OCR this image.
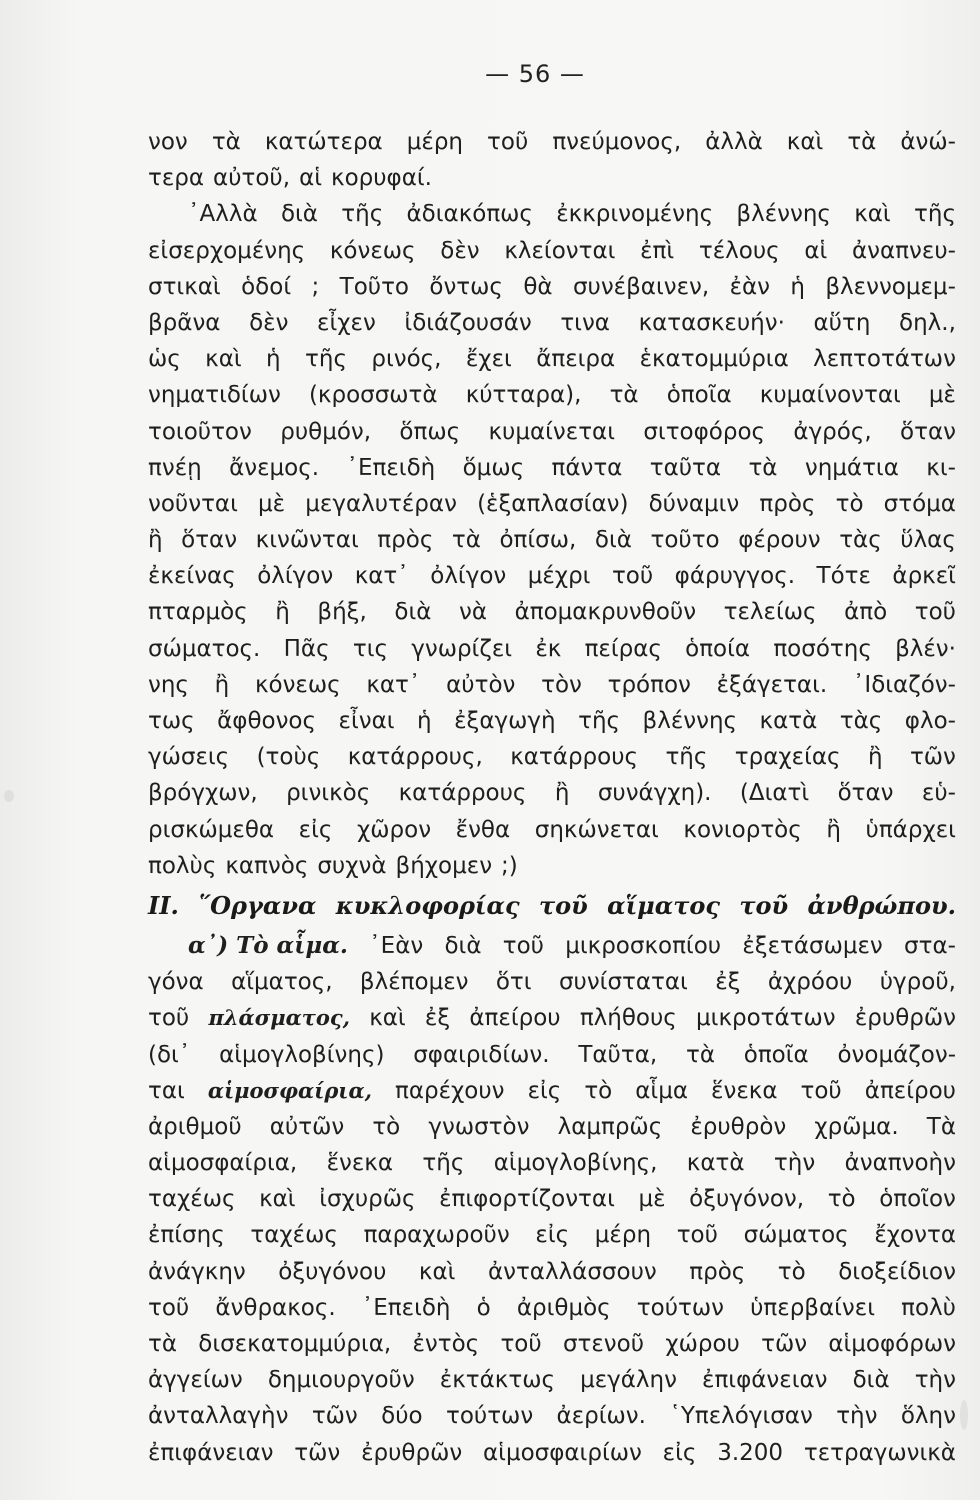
— 56 —
νον τὰ κατώτερα μέρη τοῦ πνεύμονος, ἀλλὰ καὶ τὰ ἀνώ-
τερα αὐτοῦ, αἱ κορυφαί.
᾿Αλλὰ διὰ τῆς ἀδιακόπως ἐκκρινομένης βλέννης καὶ τῆς
εἰσερχομένης κόνεως δὲν κλείονται ἐπὶ τέλους αἱ ἀναπνευ-
στικαὶ ὁδοί ; Τοῦτο ὄντως θὰ συνέβαινεν, ἐὰν ἡ βλεννομεμ-
βρᾶνα δὲν εἶχεν ἰδιάζουσάν τινα κατασκευήν· αὕτη δηλ.,
ὡς καὶ ἡ τῆς ρινός, ἔχει ἄπειρα ἑκατομμύρια λεπτοτάτων
νηματιδίων (κροσσωτὰ κύτταρα), τὰ ὁποῖα κυμαίνονται μὲ
τοιοῦτον ρυθμόν, ὅπως κυμαίνεται σιτοφόρος ἀγρός, ὅταν
πνέῃ ἄνεμος. ᾿Επειδὴ ὅμως πάντα ταῦτα τὰ νημάτια κι-
νοῦνται μὲ μεγαλυτέραν (ἑξαπλασίαν) δύναμιν πρὸς τὸ στόμα
ἢ ὅταν κινῶνται πρὸς τὰ ὀπίσω, διὰ τοῦτο φέρουν τὰς ὕλας
ἐκείνας ὀλίγον κατ᾿ ὀλίγον μέχρι τοῦ φάρυγγος. Τότε ἀρκεῖ
πταρμὸς ἢ βήξ, διὰ νὰ ἀπομακρυνθοῦν τελείως ἀπὸ τοῦ
σώματος. Πᾶς τις γνωρίζει ἐκ πείρας ὁποία ποσότης βλέν·
νης ἢ κόνεως κατ᾿ αὐτὸν τὸν τρόπον ἐξάγεται. ᾿Ιδιαζόν-
τως ἄφθονος εἶναι ἡ ἐξαγωγὴ τῆς βλέννης κατὰ τὰς φλο-
γώσεις (τοὺς κατάρρους, κατάρρους τῆς τραχείας ἢ τῶν
βρόγχων, ρινικὸς κατάρρους ἢ συνάγχη). (Διατὶ ὅταν εὑ-
ρισκώμεθα εἰς χῶρον ἔνθα σηκώνεται κονιορτὸς ἢ ὑπάρχει
πολὺς καπνὸς συχνὰ βήχομεν ;)
II. ῞Οργανα κυκλοφορίας τοῦ αἵματος τοῦ ἀνθρώπου.
α᾿) Τὸ αἷμα. ᾿Εὰν διὰ τοῦ μικροσκοπίου ἐξετάσωμεν στα-
γόνα αἵματος, βλέπομεν ὅτι συνίσταται ἐξ ἀχρόου ὑγροῦ,
τοῦ πλάσματος, καὶ ἐξ ἀπείρου πλήθους μικροτάτων ἐρυθρῶν
(δι᾿ αἱμογλοβίνης) σφαιριδίων. Ταῦτα, τὰ ὁποῖα ὀνομάζον-
ται αἱμοσφαίρια, παρέχουν εἰς τὸ αἷμα ἕνεκα τοῦ ἀπείρου
ἀριθμοῦ αὐτῶν τὸ γνωστὸν λαμπρῶς ἐρυθρὸν χρῶμα. Τὰ
αἱμοσφαίρια, ἕνεκα τῆς αἱμογλοβίνης, κατὰ τὴν ἀναπνοὴν
ταχέως καὶ ἰσχυρῶς ἐπιφορτίζονται μὲ ὀξυγόνον, τὸ ὁποῖον
ἐπίσης ταχέως παραχωροῦν εἰς μέρη τοῦ σώματος ἔχοντα
ἀνάγκην ὀξυγόνου καὶ ἀνταλλάσσουν πρὸς τὸ διοξείδιον
τοῦ ἄνθρακος. ᾿Επειδὴ ὁ ἀριθμὸς τούτων ὑπερβαίνει πολὺ
τὰ δισεκατομμύρια, ἐντὸς τοῦ στενοῦ χώρου τῶν αἱμοφόρων
ἀγγείων δημιουργοῦν ἐκτάκτως μεγάλην ἐπιφάνειαν διὰ τὴν
ἀνταλλαγὴν τῶν δύο τούτων ἀερίων. ῾Υπελόγισαν τὴν ὅλην
ἐπιφάνειαν τῶν ἐρυθρῶν αἱμοσφαιρίων εἰς 3.200 τετραγωνικὰ
